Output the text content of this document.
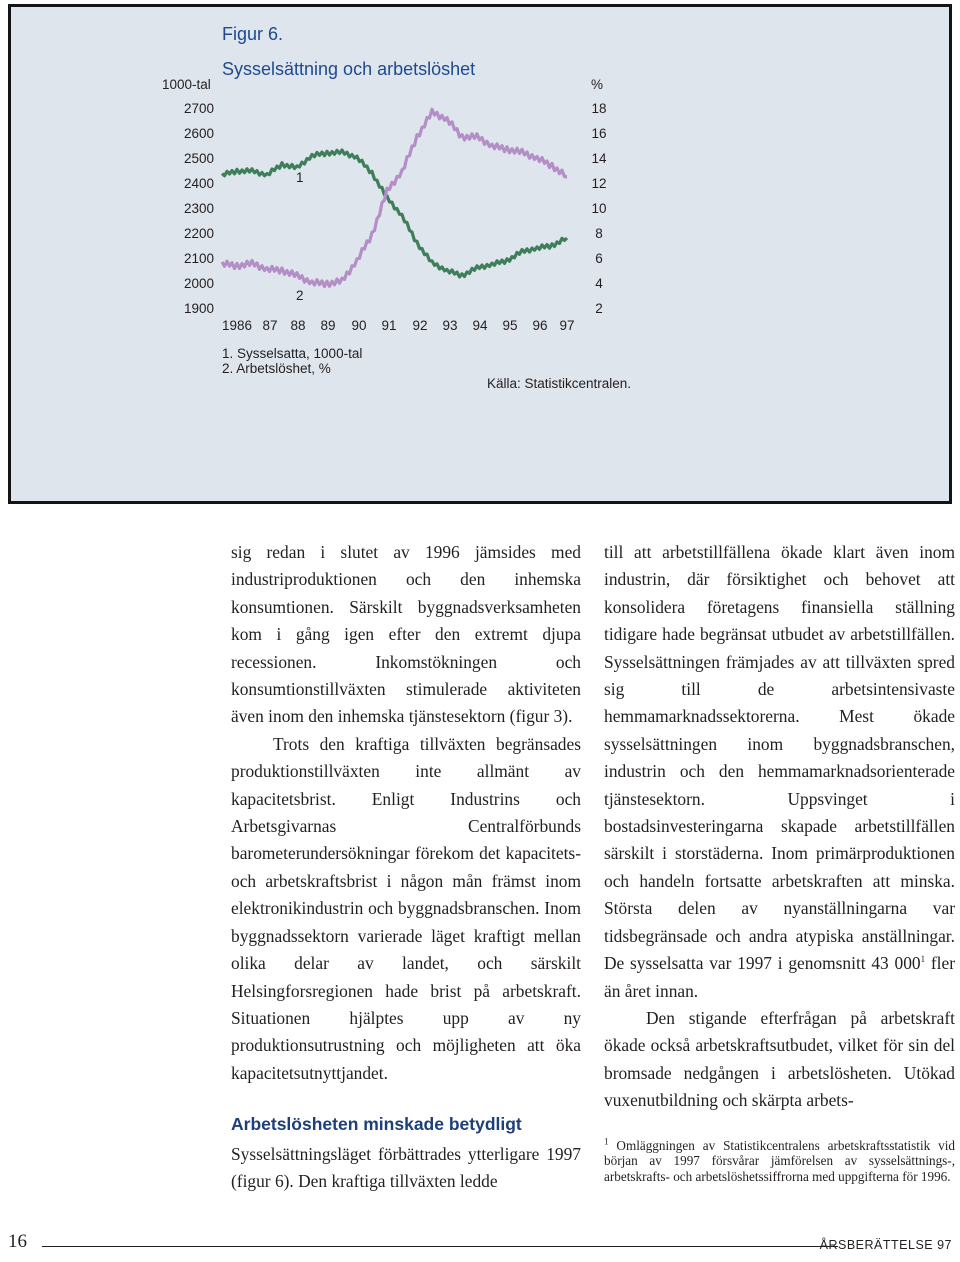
Figur 6.
Sysselsättning och arbetslöshet
1000-tal	%
2700
2600
2500
2400
2300
2200
2100
2000
1900
18
16
14
12
10
8
6
4
2
1986 87 88 89 90 91 92 93 94 95 96 97
1
2
1. Sysselsatta, 1000-tal
2. Arbetslöshet, %
Källa: Statistikcentralen.

sig redan i slutet av 1996 jämsides med industriproduktionen och den inhemska konsumtionen. Särskilt byggnadsverksamheten kom i gång igen efter den extremt djupa recessionen. Inkomstökningen och konsumtionstillväxten stimulerade aktiviteten även inom den inhemska tjänstesektorn (figur 3).

Trots den kraftiga tillväxten begränsades produktionstillväxten inte allmänt av kapacitetsbrist. Enligt Industrins och Arbetsgivarnas Centralförbunds barometerundersökningar förekom det kapacitets- och arbetskraftsbrist i någon mån främst inom elektronikindustrin och byggnadsbranschen. Inom byggnadssektorn varierade läget kraftigt mellan olika delar av landet, och särskilt Helsingforsregionen hade brist på arbetskraft. Situationen hjälptes upp av ny produktionsutrustning och möjligheten att öka kapacitetsutnyttjandet.

Arbetslösheten minskade betydligt

Sysselsättningsläget förbättrades ytterligare 1997 (figur 6). Den kraftiga tillväxten ledde

till att arbetstillfällena ökade klart även inom industrin, där försiktighet och behovet att konsolidera företagens finansiella ställning tidigare hade begränsat utbudet av arbetstillfällen. Sysselsättningen främjades av att tillväxten spred sig till de arbetsintensivaste hemmamarknadssektorerna. Mest ökade sysselsättningen inom byggnadsbranschen, industrin och den hemmamarknadsorienterade tjänstesektorn. Uppsvinget i bostadsinvesteringarna skapade arbetstillfällen särskilt i storstäderna. Inom primärproduktionen och handeln fortsatte arbetskraften att minska. Största delen av nyanställningarna var tidsbegränsade och andra atypiska anställningar. De sysselsatta var 1997 i genomsnitt 43 $000^1$ fler än året innan.

Den stigande efterfrågan på arbetskraft ökade också arbetskraftsutbudet, vilket för sin del bromsade nedgången i arbetslösheten. Utökad vuxenutbildning och skärpta arbets-

$^1$ Omläggningen av Statistikcentralens arbetskraftsstatistik vid början av 1997 försvårar jämförelsen av sysselsättnings-, arbetskrafts- och arbetslöshetssiffrorna med uppgifterna för 1996.

16	ÅRSBERÄTTELSE 97
